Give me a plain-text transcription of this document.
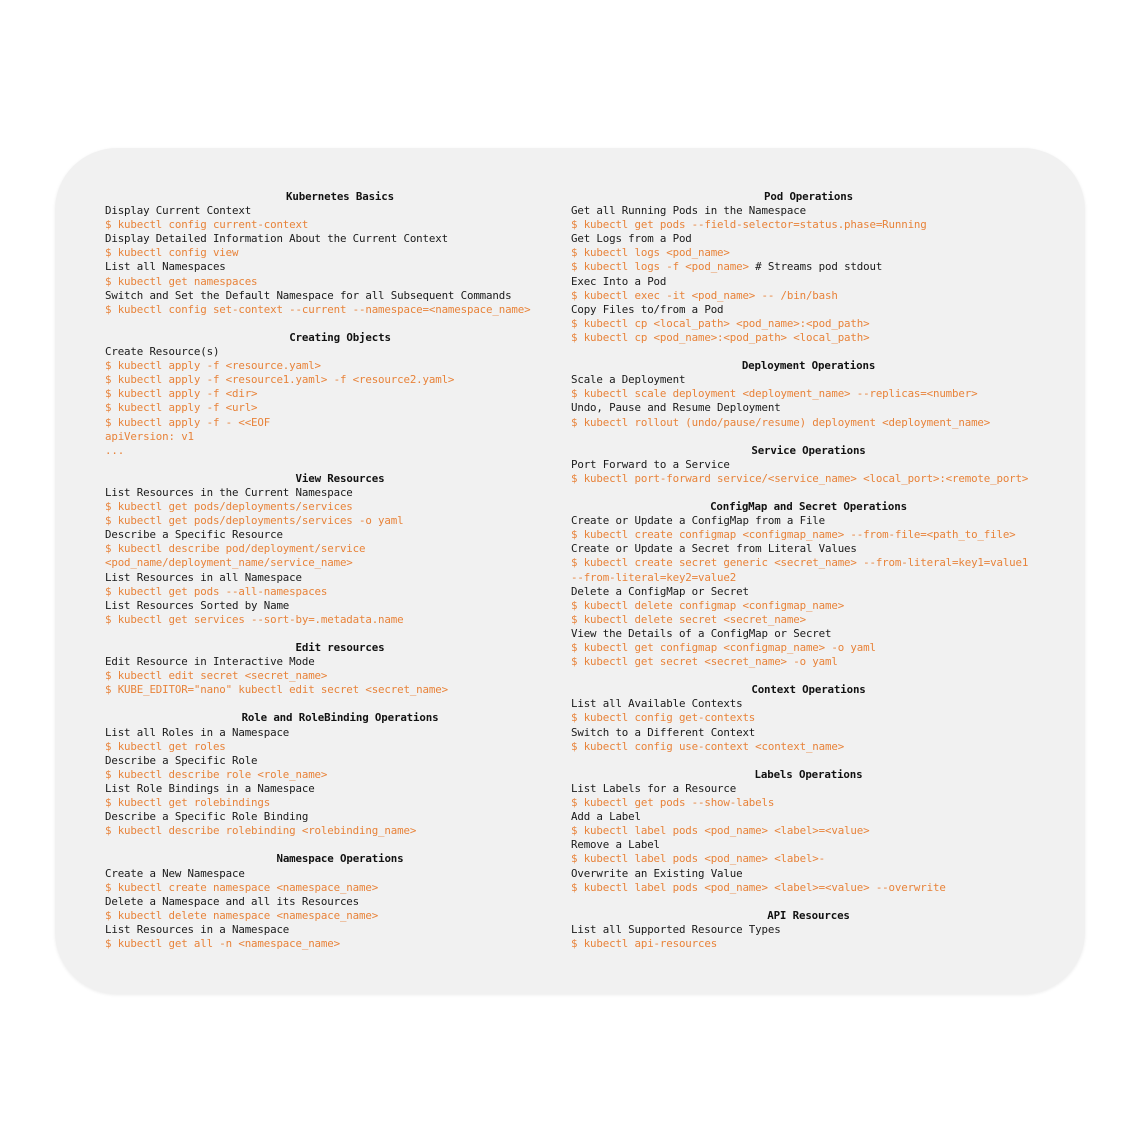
Kubernetes Basics
Display Current Context
$ kubectl config current-context
Display Detailed Information About the Current Context
$ kubectl config view
List all Namespaces
$ kubectl get namespaces
Switch and Set the Default Namespace for all Subsequent Commands
$ kubectl config set-context --current --namespace=<namespace_name>
Creating Objects
Create Resource(s)
$ kubectl apply -f <resource.yaml>
$ kubectl apply -f <resource1.yaml> -f <resource2.yaml>
$ kubectl apply -f <dir>
$ kubectl apply -f <url>
$ kubectl apply -f - <<EOF
apiVersion: v1
...
View Resources
List Resources in the Current Namespace
$ kubectl get pods/deployments/services
$ kubectl get pods/deployments/services -o yaml
Describe a Specific Resource
$ kubectl describe pod/deployment/service
<pod_name/deployment_name/service_name>
List Resources in all Namespace
$ kubectl get pods --all-namespaces
List Resources Sorted by Name
$ kubectl get services --sort-by=.metadata.name
Edit resources
Edit Resource in Interactive Mode
$ kubectl edit secret <secret_name>
$ KUBE_EDITOR="nano" kubectl edit secret <secret_name>
Role and RoleBinding Operations
List all Roles in a Namespace
$ kubectl get roles
Describe a Specific Role
$ kubectl describe role <role_name>
List Role Bindings in a Namespace
$ kubectl get rolebindings
Describe a Specific Role Binding
$ kubectl describe rolebinding <rolebinding_name>
Namespace Operations
Create a New Namespace
$ kubectl create namespace <namespace_name>
Delete a Namespace and all its Resources
$ kubectl delete namespace <namespace_name>
List Resources in a Namespace
$ kubectl get all -n <namespace_name>
Pod Operations
Get all Running Pods in the Namespace
$ kubectl get pods --field-selector=status.phase=Running
Get Logs from a Pod
$ kubectl logs <pod_name>
$ kubectl logs -f <pod_name> # Streams pod stdout
Exec Into a Pod
$ kubectl exec -it <pod_name> -- /bin/bash
Copy Files to/from a Pod
$ kubectl cp <local_path> <pod_name>:<pod_path>
$ kubectl cp <pod_name>:<pod_path> <local_path>
Deployment Operations
Scale a Deployment
$ kubectl scale deployment <deployment_name> --replicas=<number>
Undo, Pause and Resume Deployment
$ kubectl rollout (undo/pause/resume) deployment <deployment_name>
Service Operations
Port Forward to a Service
$ kubectl port-forward service/<service_name> <local_port>:<remote_port>
ConfigMap and Secret Operations
Create or Update a ConfigMap from a File
$ kubectl create configmap <configmap_name> --from-file=<path_to_file>
Create or Update a Secret from Literal Values
$ kubectl create secret generic <secret_name> --from-literal=key1=value1
--from-literal=key2=value2
Delete a ConfigMap or Secret
$ kubectl delete configmap <configmap_name>
$ kubectl delete secret <secret_name>
View the Details of a ConfigMap or Secret
$ kubectl get configmap <configmap_name> -o yaml
$ kubectl get secret <secret_name> -o yaml
Context Operations
List all Available Contexts
$ kubectl config get-contexts
Switch to a Different Context
$ kubectl config use-context <context_name>
Labels Operations
List Labels for a Resource
$ kubectl get pods --show-labels
Add a Label
$ kubectl label pods <pod_name> <label>=<value>
Remove a Label
$ kubectl label pods <pod_name> <label>-
Overwrite an Existing Value
$ kubectl label pods <pod_name> <label>=<value> --overwrite
API Resources
List all Supported Resource Types
$ kubectl api-resources
